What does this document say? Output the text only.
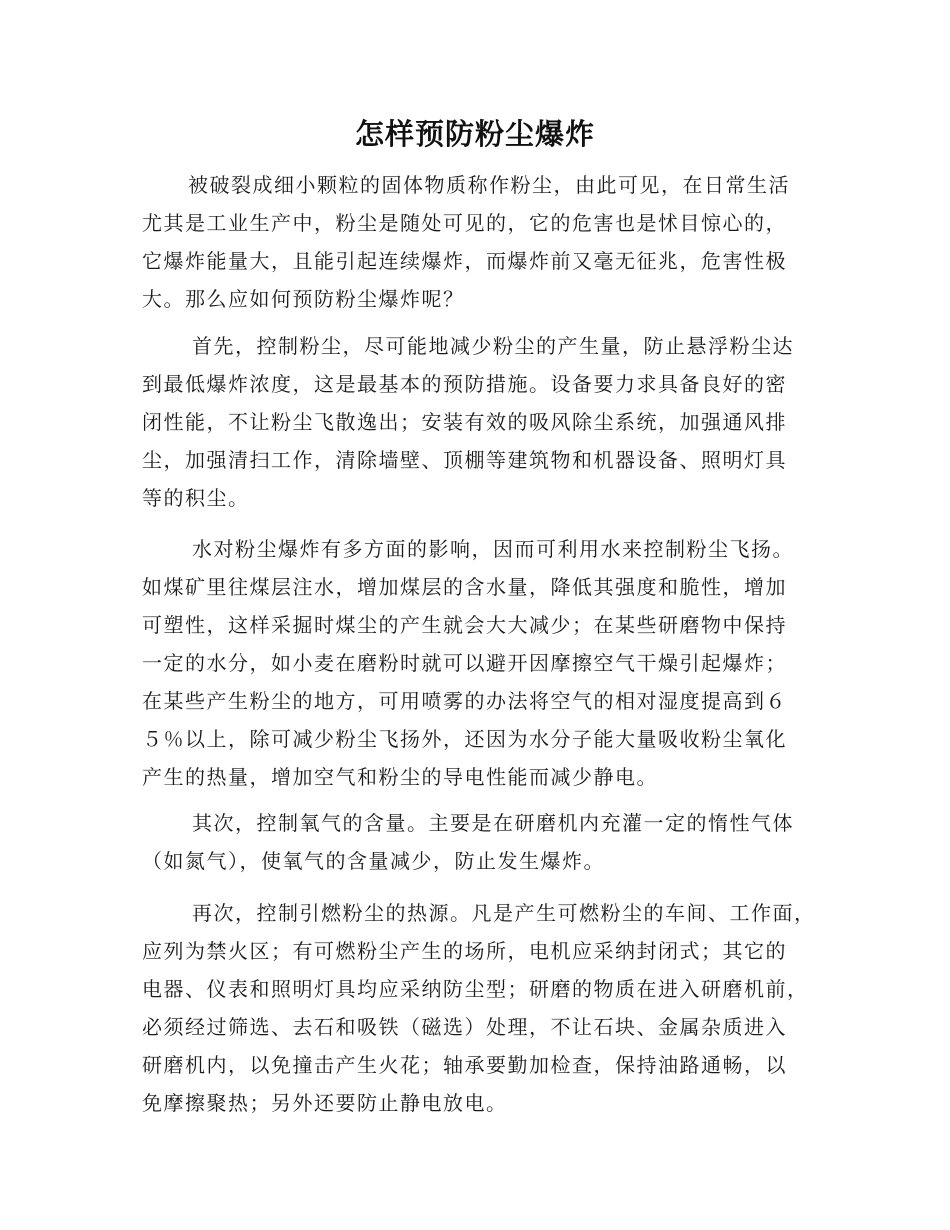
怎样预防粉尘爆炸
被破裂成细小颗粒的固体物质称作粉尘，由此可见，在日常生活
尤其是工业生产中，粉尘是随处可见的，它的危害也是怵目惊心的，
它爆炸能量大，且能引起连续爆炸，而爆炸前又毫无征兆，危害性极
大。那么应如何预防粉尘爆炸呢？
首先，控制粉尘，尽可能地减少粉尘的产生量，防止悬浮粉尘达
到最低爆炸浓度，这是最基本的预防措施。设备要力求具备良好的密
闭性能，不让粉尘飞散逸出；安装有效的吸风除尘系统，加强通风排
尘，加强清扫工作，清除墙壁、顶棚等建筑物和机器设备、照明灯具
等的积尘。
水对粉尘爆炸有多方面的影响，因而可利用水来控制粉尘飞扬。
如煤矿里往煤层注水，增加煤层的含水量，降低其强度和脆性，增加
可塑性，这样采掘时煤尘的产生就会大大减少；在某些研磨物中保持
一定的水分，如小麦在磨粉时就可以避开因摩擦空气干燥引起爆炸；
在某些产生粉尘的地方，可用喷雾的办法将空气的相对湿度提高到６
５％以上，除可减少粉尘飞扬外，还因为水分子能大量吸收粉尘氧化
产生的热量，增加空气和粉尘的导电性能而减少静电。
其次，控制氧气的含量。主要是在研磨机内充灌一定的惰性气体
（如氮气），使氧气的含量减少，防止发生爆炸。
再次，控制引燃粉尘的热源。凡是产生可燃粉尘的车间、工作面，
应列为禁火区；有可燃粉尘产生的场所，电机应采纳封闭式；其它的
电器、仪表和照明灯具均应采纳防尘型；研磨的物质在进入研磨机前，
必须经过筛选、去石和吸铁（磁选）处理，不让石块、金属杂质进入
研磨机内，以免撞击产生火花；轴承要勤加检查，保持油路通畅，以
免摩擦聚热；另外还要防止静电放电。
